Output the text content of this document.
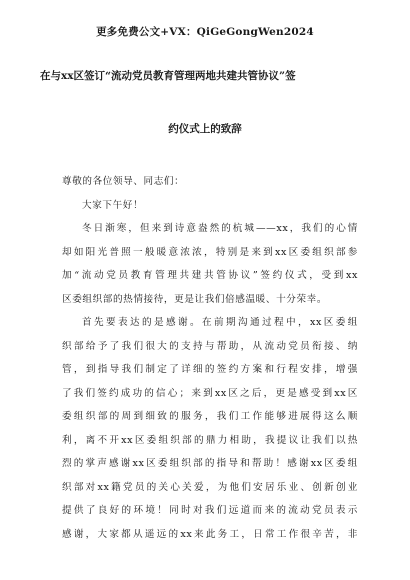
更多免费公文+VX：QiGeGongWen2024
在与xx区签订“流动党员教育管理两地共建共管协议”签
约仪式上的致辞
尊敬的各位领导、同志们：
大家下午好！
冬日渐寒，但来到诗意盎然的杭城——xx，我们的心情
却如阳光普照一般暖意浓浓，特别是来到xx区委组织部参
加“流动党员教育管理共建共管协议”签约仪式，受到xx
区委组织部的热情接待，更是让我们倍感温暖、十分荣幸。
首先要表达的是感谢。在前期沟通过程中，xx区委组
织部给予了我们很大的支持与帮助，从流动党员衔接、纳
管，到指导我们制定了详细的签约方案和行程安排，增强
了我们签约成功的信心；来到xx区之后，更是感受到xx区
委组织部的周到细致的服务，我们工作能够进展得这么顺
利，离不开xx区委组织部的鼎力相助，我提议让我们以热
烈的掌声感谢xx区委组织部的指导和帮助！感谢xx区委组
织部对xx籍党员的关心关爱，为他们安居乐业、创新创业
提供了良好的环境！同时对我们远道而来的流动党员表示
感谢，大家都从遥远的xx来此务工，日常工作很辛苦，非
